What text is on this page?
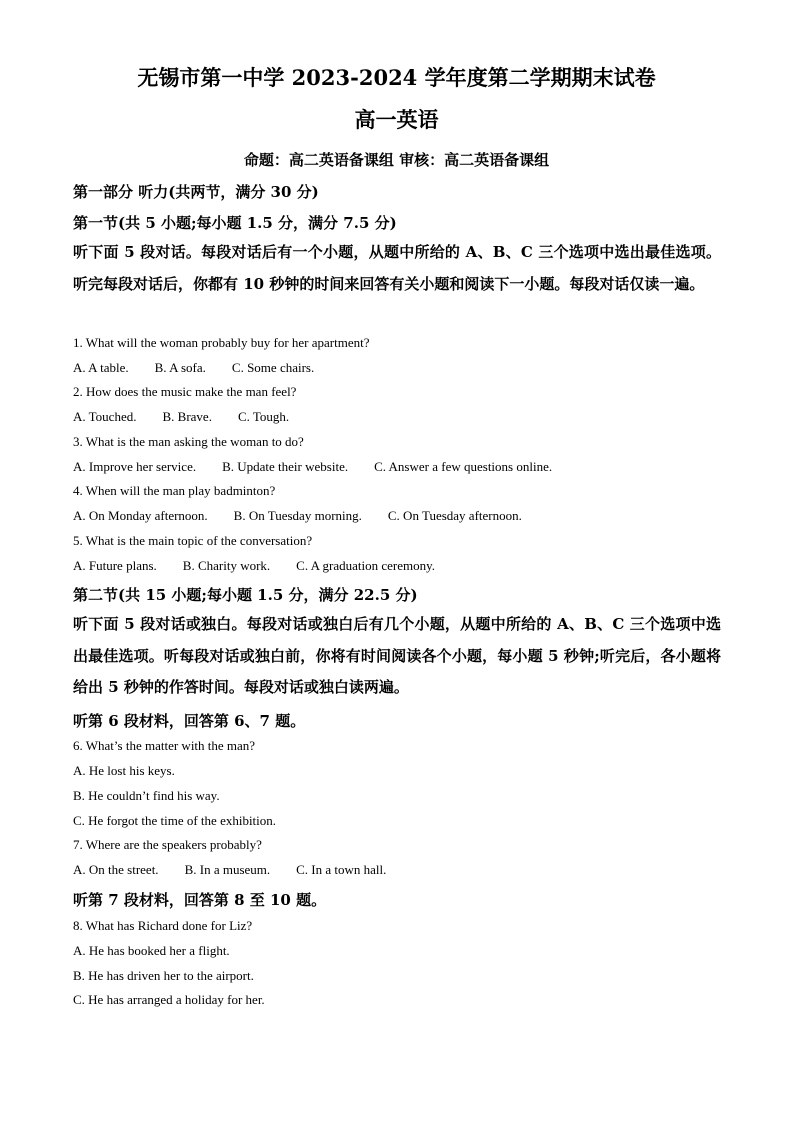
无锡市第一中学 2023-2024 学年度第二学期期末试卷
高一英语
命题：高二英语备课组 审核：高二英语备课组
第一部分 听力(共两节，满分 30 分)
第一节(共 5 小题;每小题 1.5 分，满分 7.5 分)
听下面 5 段对话。每段对话后有一个小题，从题中所给的 A、B、C 三个选项中选出最佳选项。听完每段对话后，你都有 10 秒钟的时间来回答有关小题和阅读下一小题。每段对话仅读一遍。
1. What will the woman probably buy for her apartment?
A. A table. B. A sofa. C. Some chairs.
2. How does the music make the man feel?
A. Touched. B. Brave. C. Tough.
3. What is the man asking the woman to do?
A. Improve her service. B. Update their website. C. Answer a few questions online.
4. When will the man play badminton?
A. On Monday afternoon. B. On Tuesday morning. C. On Tuesday afternoon.
5. What is the main topic of the conversation?
A. Future plans. B. Charity work. C. A graduation ceremony.
第二节(共 15 小题;每小题 1.5 分，满分 22.5 分)
听下面 5 段对话或独白。每段对话或独白后有几个小题，从题中所给的 A、B、C 三个选项中选出最佳选项。听每段对话或独白前，你将有时间阅读各个小题，每小题 5 秒钟;听完后，各小题将给出 5 秒钟的作答时间。每段对话或独白读两遍。
听第 6 段材料，回答第 6、7 题。
6. What’s the matter with the man?
A. He lost his keys.
B. He couldn’t find his way.
C. He forgot the time of the exhibition.
7. Where are the speakers probably?
A. On the street. B. In a museum. C. In a town hall.
听第 7 段材料，回答第 8 至 10 题。
8. What has Richard done for Liz?
A. He has booked her a flight.
B. He has driven her to the airport.
C. He has arranged a holiday for her.
